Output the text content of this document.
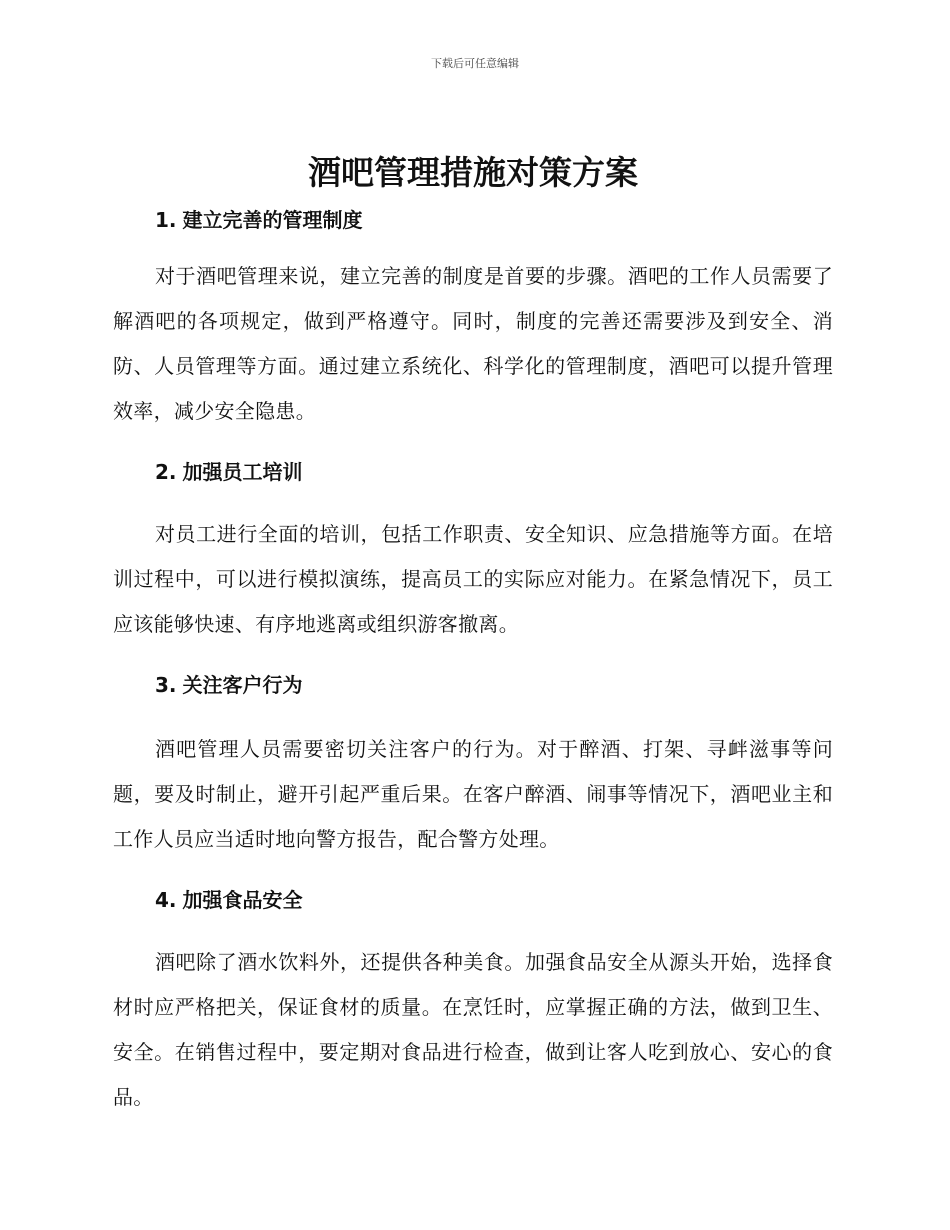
下载后可任意编辑
酒吧管理措施对策方案
1. 建立完善的管理制度

对于酒吧管理来说，建立完善的制度是首要的步骤。酒吧的工作人员需要了解酒吧的各项规定，做到严格遵守。同时，制度的完善还需要涉及到安全、消防、人员管理等方面。通过建立系统化、科学化的管理制度，酒吧可以提升管理效率，减少安全隐患。

2. 加强员工培训

对员工进行全面的培训，包括工作职责、安全知识、应急措施等方面。在培训过程中，可以进行模拟演练，提高员工的实际应对能力。在紧急情况下，员工应该能够快速、有序地逃离或组织游客撤离。

3. 关注客户行为

酒吧管理人员需要密切关注客户的行为。对于醉酒、打架、寻衅滋事等问题，要及时制止，避开引起严重后果。在客户醉酒、闹事等情况下，酒吧业主和工作人员应当适时地向警方报告，配合警方处理。

4. 加强食品安全

酒吧除了酒水饮料外，还提供各种美食。加强食品安全从源头开始，选择食材时应严格把关，保证食材的质量。在烹饪时，应掌握正确的方法，做到卫生、安全。在销售过程中，要定期对食品进行检查，做到让客人吃到放心、安心的食品。
